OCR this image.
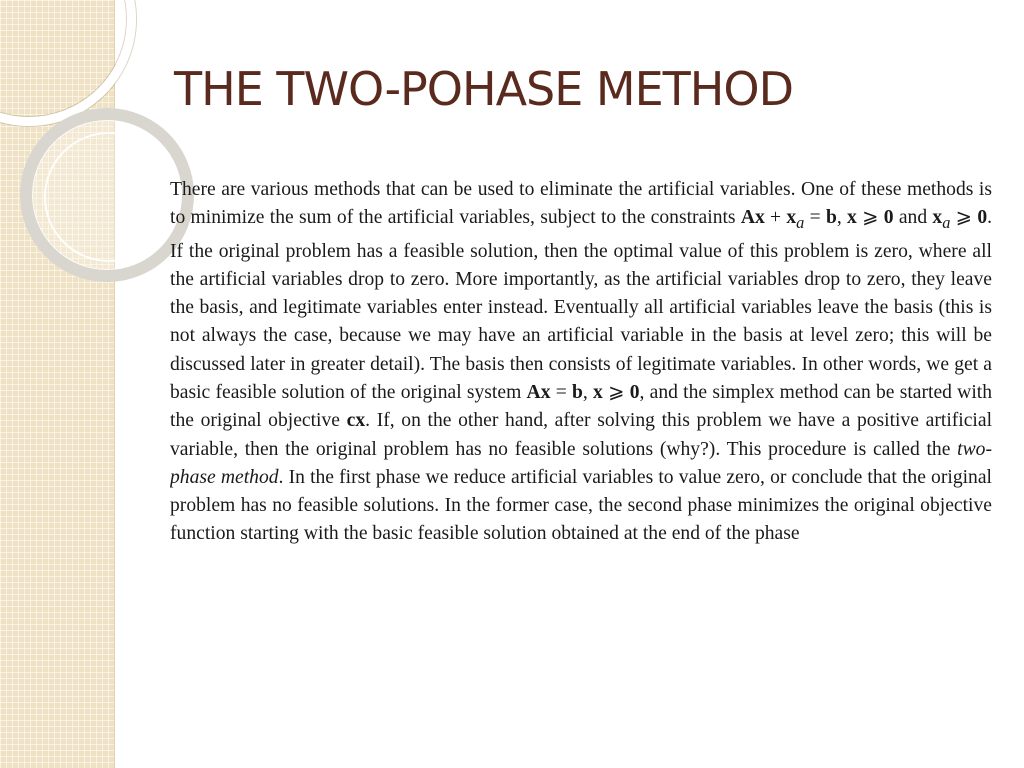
THE TWO-POHASE METHOD

There are various methods that can be used to eliminate the artificial variables. One of these methods is to minimize the sum of the artificial variables, subject to the constraints $Ax + x_a = b$, x ⩾ 0 and $x_a$ ⩾ 0. If the original problem has a feasible solution, then the optimal value of this problem is zero, where all the artificial variables drop to zero. More importantly, as the artificial variables drop to zero, they leave the basis, and legitimate variables enter instead. Eventually all artificial variables leave the basis (this is not always the case, because we may have an artificial variable in the basis at level zero; this will be discussed later in greater detail). The basis then consists of legitimate variables. In other words, we get a basic feasible solution of the original system Ax = b, x ⩾ 0, and the simplex method can be started with the original objective cx. If, on the other hand, after solving this problem we have a positive artificial variable, then the original problem has no feasible solutions (why?). This procedure is called the two-phase method. In the first phase we reduce artificial variables to value zero, or conclude that the original problem has no feasible solutions. In the former case, the second phase minimizes the original objective function starting with the basic feasible solution obtained at the end of the phase
